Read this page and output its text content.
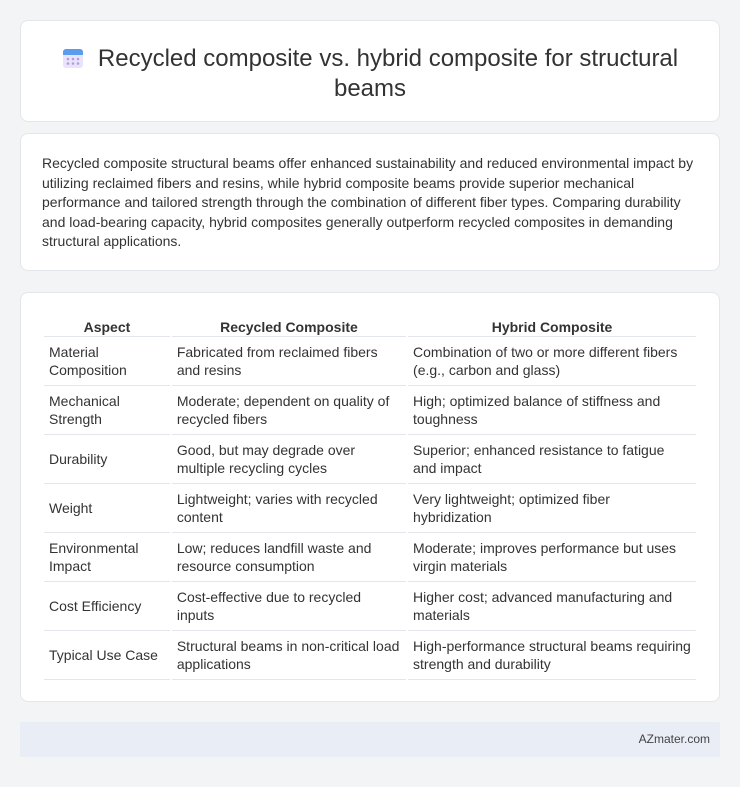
Recycled composite vs. hybrid composite for structural beams

Recycled composite structural beams offer enhanced sustainability and reduced environmental impact by utilizing reclaimed fibers and resins, while hybrid composite beams provide superior mechanical performance and tailored strength through the combination of different fiber types. Comparing durability and load-bearing capacity, hybrid composites generally outperform recycled composites in demanding structural applications.

Aspect	Recycled Composite	Hybrid Composite
Material Composition	Fabricated from reclaimed fibers and resins	Combination of two or more different fibers (e.g., carbon and glass)
Mechanical Strength	Moderate; dependent on quality of recycled fibers	High; optimized balance of stiffness and toughness
Durability	Good, but may degrade over multiple recycling cycles	Superior; enhanced resistance to fatigue and impact
Weight	Lightweight; varies with recycled content	Very lightweight; optimized fiber hybridization
Environmental Impact	Low; reduces landfill waste and resource consumption	Moderate; improves performance but uses virgin materials
Cost Efficiency	Cost-effective due to recycled inputs	Higher cost; advanced manufacturing and materials
Typical Use Case	Structural beams in non-critical load applications	High-performance structural beams requiring strength and durability
AZmater.com
